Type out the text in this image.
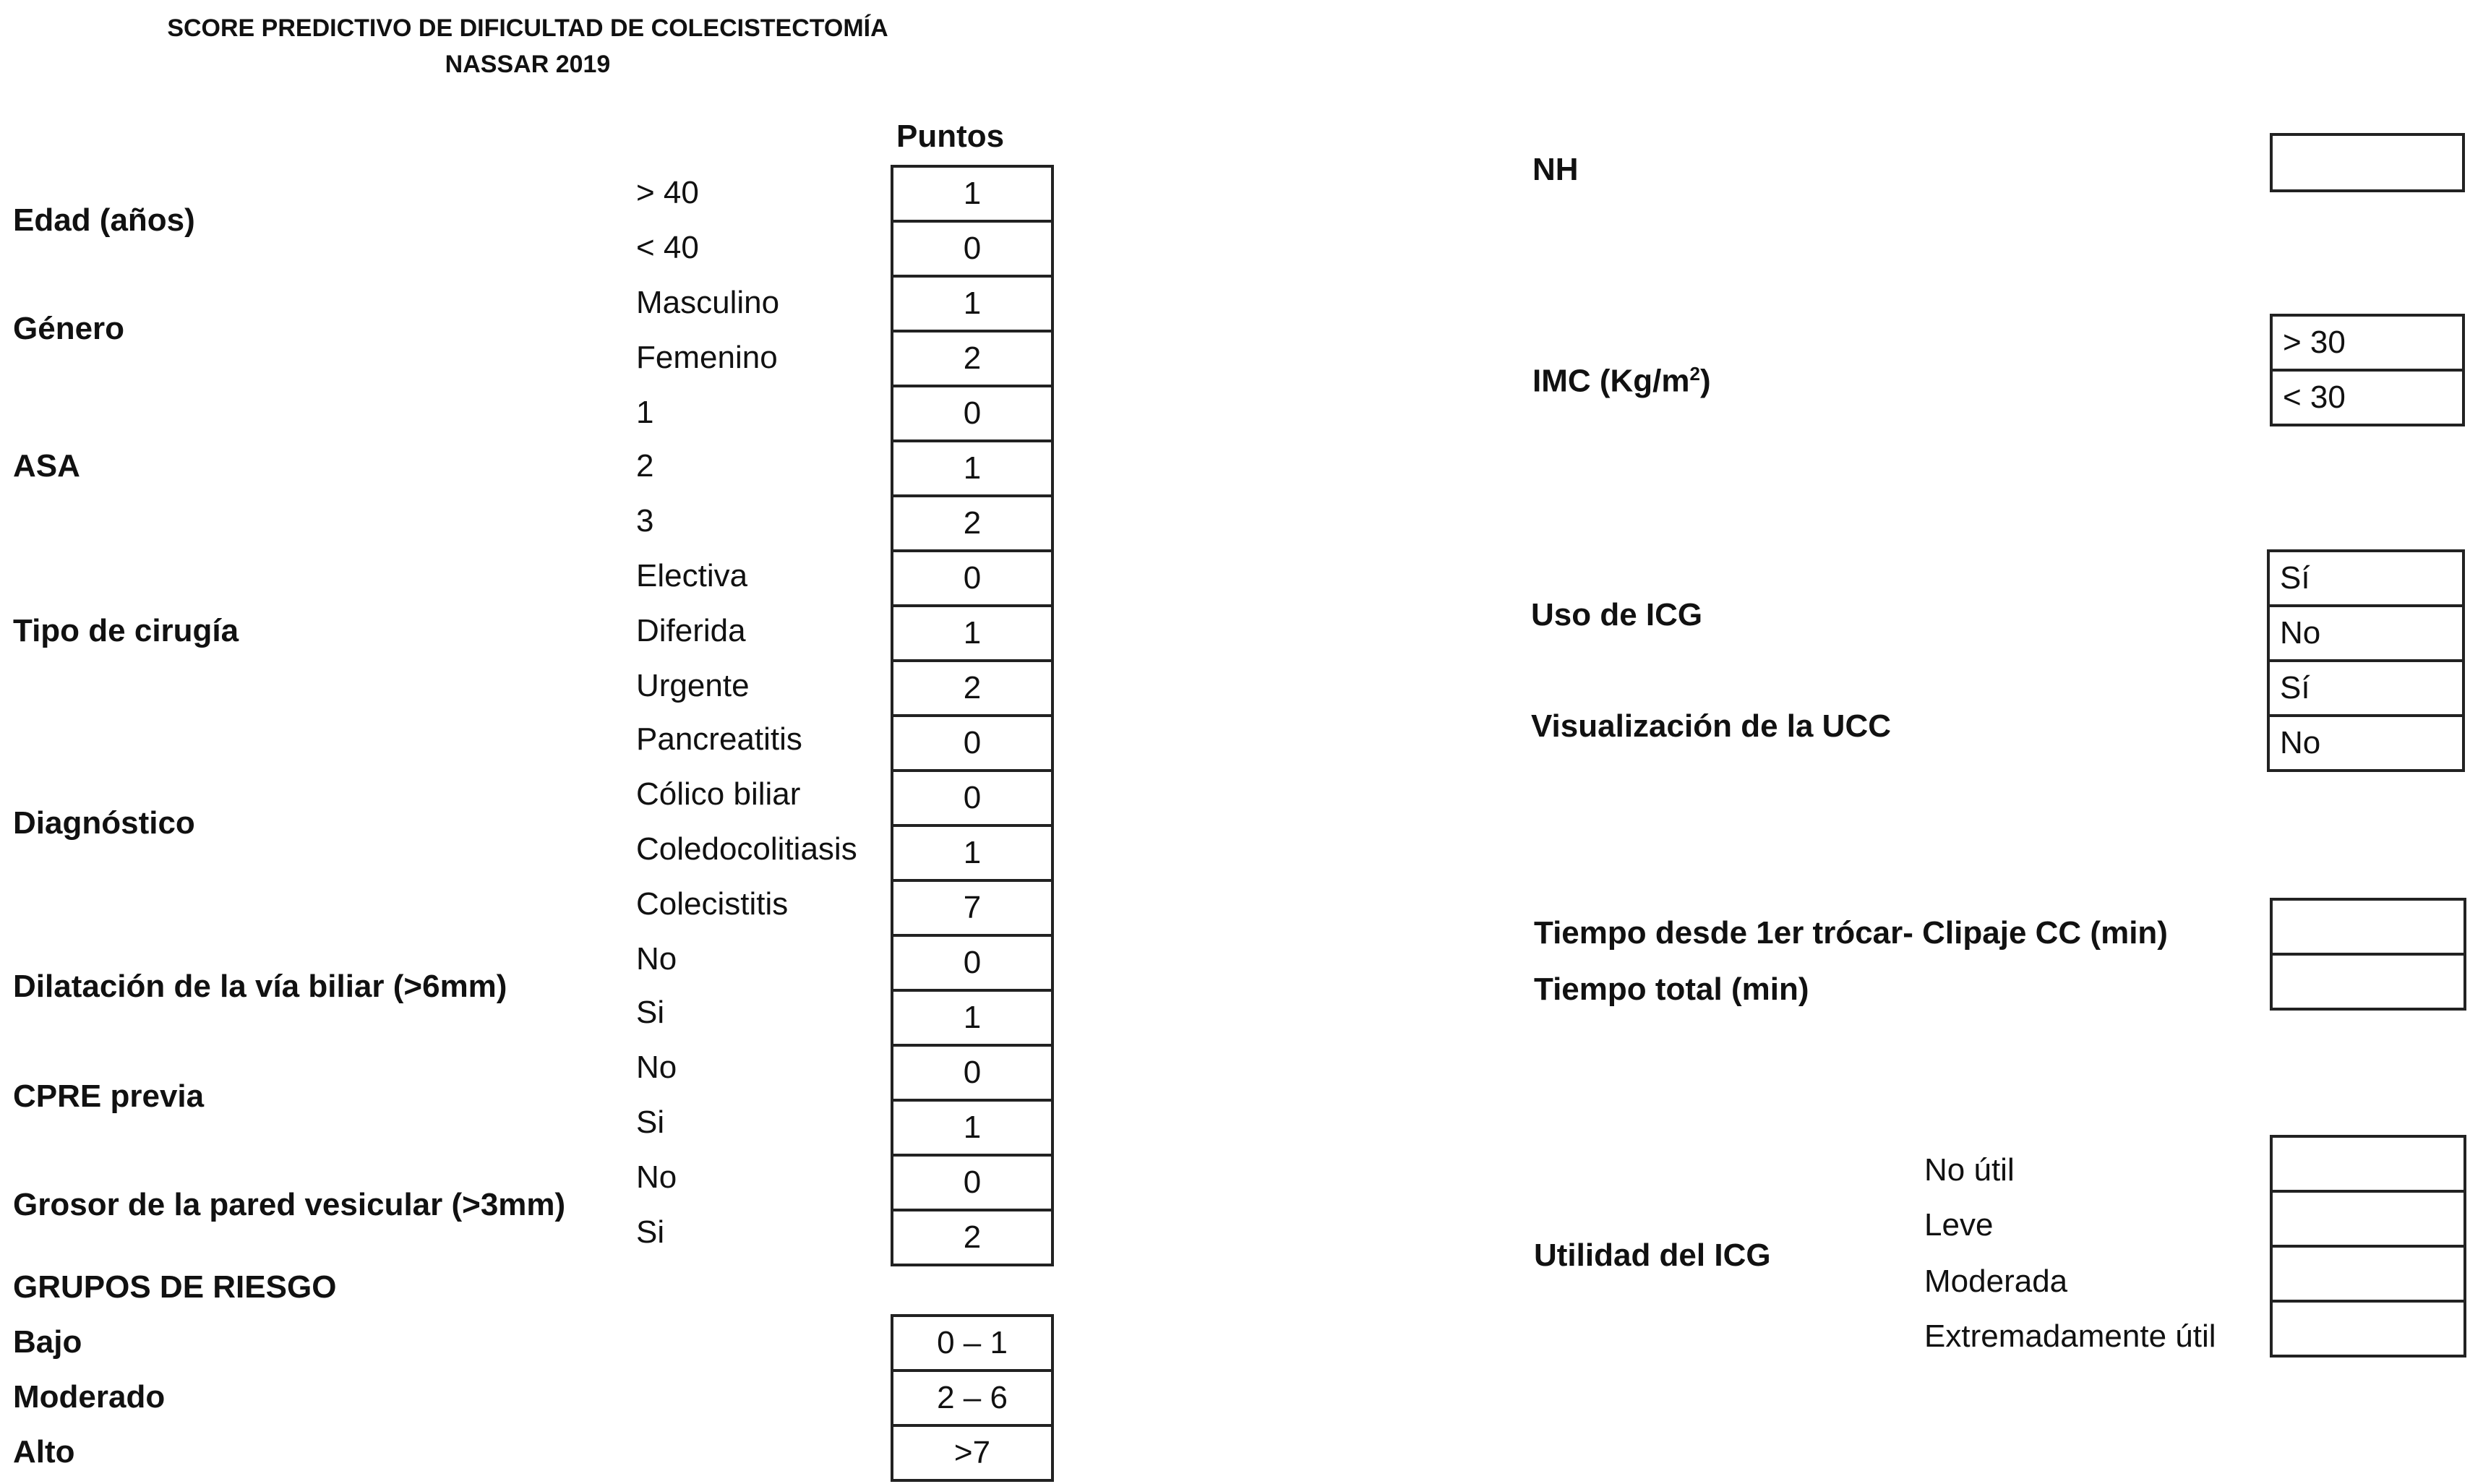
SCORE PREDICTIVO DE DIFICULTAD DE COLECISTECTOMÍA
NASSAR 2019
Puntos
Edad (años)
Género
ASA
Tipo de cirugía
Diagnóstico
Dilatación de la vía biliar (>6mm)
CPRE previa
Grosor de la pared vesicular (>3mm)
> 40
< 40
Masculino
Femenino
1
2
3
Electiva
Diferida
Urgente
Pancreatitis
Cólico biliar
Coledocolitiasis
Colecistitis
No
Si
No
Si
No
Si
1
0
1
2
0
1
2
0
1
2
0
0
1
7
0
1
0
1
0
2
GRUPOS DE RIESGO
Bajo
Moderado
Alto
0 – 1
2 – 6
>7
NH
IMC $(Kg/m^2)$
> 30
< 30
Uso de ICG
Sí
No
Visualización de la UCC
Sí
No
Tiempo desde 1er trócar- Clipaje CC (min)
Tiempo total (min)
Utilidad del ICG
No útil
Leve
Moderada
Extremadamente útil
